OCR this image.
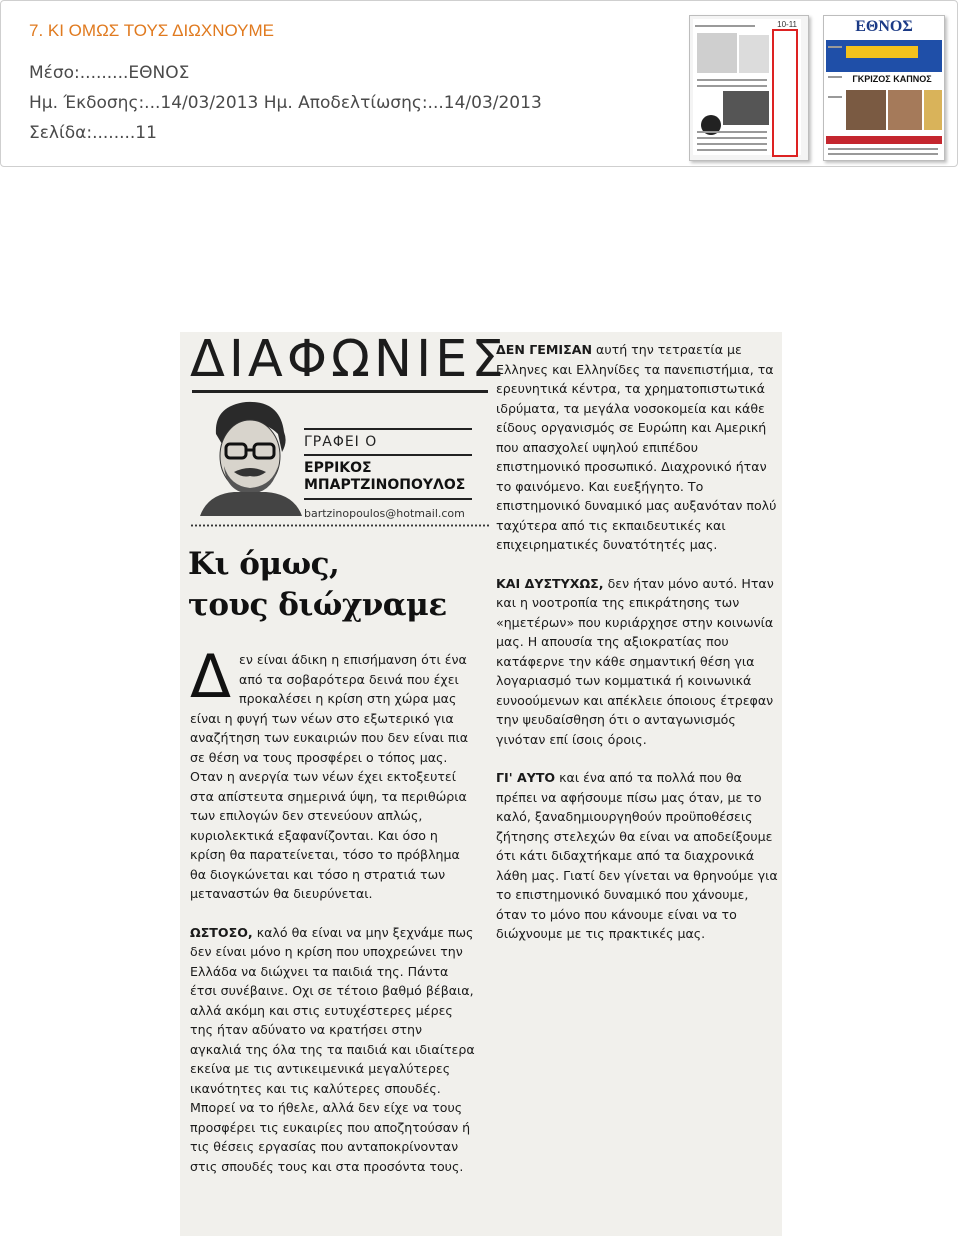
7. ΚΙ ΟΜΩΣ ΤΟΥΣ ΔΙΩΧΝΟΥΜΕ
Μέσο:.........ΕΘΝΟΣ
Ημ. Έκδοσης:...14/03/2013 Ημ. Αποδελτίωσης:...14/03/2013
Σελίδα:........11
10-11	ΕΘΝΟΣ
ΓΚΡΙΖΟΣ ΚΑΠΝΟΣ
ΔΙΑΦΩΝΙΕΣ
ΓΡΑΦΕΙ Ο
ΕΡΡΙΚΟΣ
ΜΠΑΡΤΖΙΝΟΠΟΥΛΟΣ
bartzinopoulos@hotmail.com
Κι όμως,
τους διώχναμε

Δεν είναι άδικη η επισήμανση ότι ένα από τα σοβαρότερα δεινά που έχει προκαλέσει η κρίση στη χώρα μας είναι η φυγή των νέων στο εξωτερικό για αναζήτηση των ευκαιριών που δεν είναι πια σε θέση να τους προσφέρει ο τόπος μας. Οταν η ανεργία των νέων έχει εκτοξευτεί στα απίστευτα σημερινά ύψη, τα περιθώρια των επιλογών δεν στενεύουν απλώς, κυριολεκτικά εξαφανίζονται. Και όσο η κρίση θα παρατείνεται, τόσο το πρόβλημα θα διογκώνεται και τόσο η στρατιά των μεταναστών θα διευρύνεται.

ΩΣΤΟΣΟ, καλό θα είναι να μην ξεχνάμε πως δεν είναι μόνο η κρίση που υποχρεώνει την Ελλάδα να διώχνει τα παιδιά της. Πάντα έτσι συνέβαινε. Οχι σε τέτοιο βαθμό βέβαια, αλλά ακόμη και στις ευτυχέστερες μέρες της ήταν αδύνατο να κρατήσει στην αγκαλιά της όλα της τα παιδιά και ιδιαίτερα εκείνα με τις αντικειμενικά μεγαλύτερες ικανότητες και τις καλύτερες σπουδές. Μπορεί να το ήθελε, αλλά δεν είχε να τους προσφέρει τις ευκαιρίες που αποζητούσαν ή τις θέσεις εργασίας που ανταποκρίνονταν στις σπουδές τους και στα προσόντα τους.

ΔΕΝ ΓΕΜΙΣΑΝ αυτή την τετραετία με Ελληνες και Ελληνίδες τα πανεπιστήμια, τα ερευνητικά κέντρα, τα χρηματοπιστωτικά ιδρύματα, τα μεγάλα νοσοκομεία και κάθε είδους οργανισμός σε Ευρώπη και Αμερική που απασχολεί υψηλού επιπέδου επιστημονικό προσωπικό. Διαχρονικό ήταν το φαινόμενο. Και ευεξήγητο. Το επιστημονικό δυναμικό μας αυξανόταν πολύ ταχύτερα από τις εκπαιδευτικές και επιχειρηματικές δυνατότητές μας.

ΚΑΙ ΔΥΣΤΥΧΩΣ, δεν ήταν μόνο αυτό. Ηταν και η νοοτροπία της επικράτησης των «ημετέρων» που κυριάρχησε στην κοινωνία μας. Η απουσία της αξιοκρατίας που κατάφερνε την κάθε σημαντική θέση για λογαριασμό των κομματικά ή κοινωνικά ευνοούμενων και απέκλειε όποιους έτρεφαν την ψευδαίσθηση ότι ο ανταγωνισμός γινόταν επί ίσοις όροις.

ΓΙ' ΑΥΤΟ και ένα από τα πολλά που θα πρέπει να αφήσουμε πίσω μας όταν, με το καλό, ξαναδημιουργηθούν προϋποθέσεις ζήτησης στελεχών θα είναι να αποδείξουμε ότι κάτι διδαχτήκαμε από τα διαχρονικά λάθη μας. Γιατί δεν γίνεται να θρηνούμε για το επιστημονικό δυναμικό που χάνουμε, όταν το μόνο που κάνουμε είναι να το διώχνουμε με τις πρακτικές μας.
